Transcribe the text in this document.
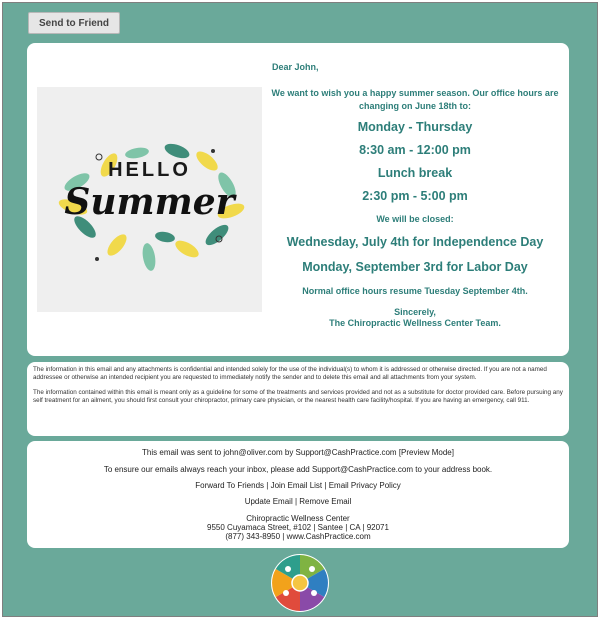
Send to Friend
HELLO
Summer
Dear John,

We want to wish you a happy summer season. Our office hours are

changing on June 18th to:

Monday - Thursday

8:30 am - 12:00 pm

Lunch break

2:30 pm - 5:00 pm

We will be closed:

Wednesday, July 4th for Independence Day

Monday, September 3rd for Labor Day

Normal office hours resume Tuesday September 4th.

Sincerely,

The Chiropractic Wellness Center Team.

The information in this email and any attachments is confidential and intended solely for the use of the individual(s) to whom it is addressed or otherwise directed. If you are not a named addressee or otherwise an intended recipient you are requested to immediately notify the sender and to delete this email and all attachments from your system.

The information contained within this email is meant only as a guideline for some of the treatments and services provided and not as a substitute for doctor provided care. Before pursuing any self treatment for an ailment, you should first consult your chiropractor, primary care physician, or the nearest health care facility/hospital. If you are having an emergency, call 911.

This email was sent to john@oliver.com by Support@CashPractice.com [Preview Mode]
To ensure our emails always reach your inbox, please add Support@CashPractice.com to your address book.
Forward To Friends | Join Email List | Email Privacy Policy
Update Email | Remove Email
Chiropractic Wellness Center
9550 Cuyamaca Street, #102 | Santee | CA | 92071
(877) 343-8950 | www.CashPractice.com
